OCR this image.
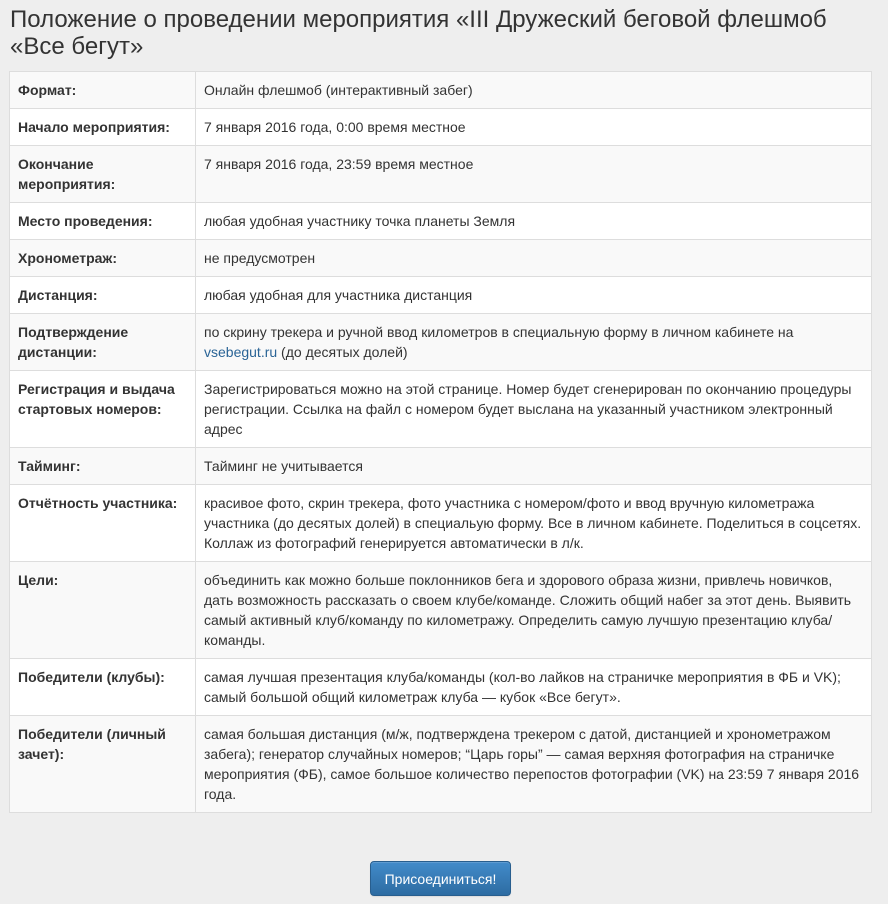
Положение о проведении мероприятия «III Дружеский беговой флешмоб «Все бегут»
Формат:	Онлайн флешмоб (интерактивный забег)
Начало мероприятия:	7 января 2016 года, 0:00 время местное
Окончание мероприятия:	7 января 2016 года, 23:59 время местное
Место проведения:	любая удобная участнику точка планеты Земля
Хронометраж:	не предусмотрен
Дистанция:	любая удобная для участника дистанция
Подтверждение дистанции:	по скрину трекера и ручной ввод километров в специальную форму в личном кабинете на vsebegut.ru (до десятых долей)
Регистрация и выдача стартовых номеров:	Зарегистрироваться можно на этой странице. Номер будет сгенерирован по окончанию процедуры регистрации. Ссылка на файл с номером будет выслана на указанный участником электронный адрес
Тайминг:	Тайминг не учитывается
Отчётность участника:	красивое фото, скрин трекера, фото участника с номером/фото и ввод вручную километража участника (до десятых долей) в специальую форму. Все в личном кабинете. Поделиться в соцсетях. Коллаж из фотографий генерируется автоматически в л/к.
Цели:	объединить как можно больше поклонников бега и здорового образа жизни, привлечь новичков, дать возможность рассказать о своем клубе/команде. Сложить общий набег за этот день. Выявить самый активный клуб/команду по километражу. Определить самую лучшую презентацию клуба/команды.
Победители (клубы):	самая лучшая презентация клуба/команды (кол-во лайков на страничке мероприятия в ФБ и VK); самый большой общий километраж клуба — кубок «Все бегут».
Победители (личный зачет):	самая большая дистанция (м/ж, подтверждена трекером с датой, дистанцией и хронометражом забега); генератор случайных номеров; “Царь горы” — самая верхняя фотография на страничке мероприятия (ФБ), самое большое количество перепостов фотографии (VK) на 23:59 7 января 2016 года.
Присоединиться!
